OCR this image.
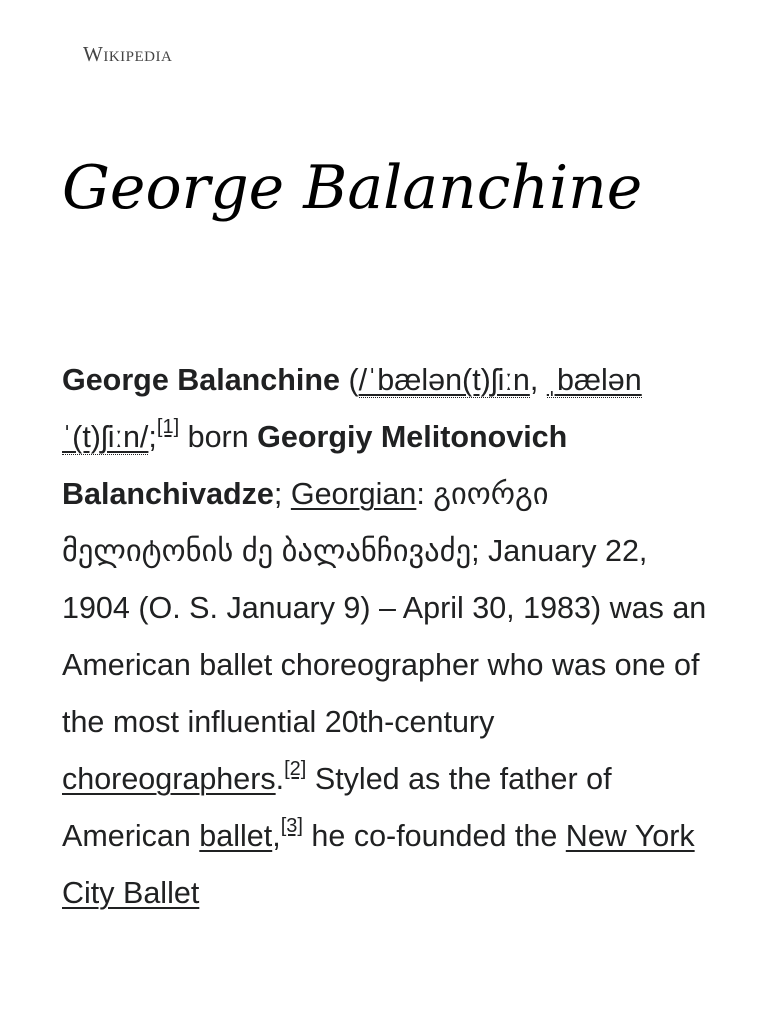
Wikipedia
George Balanchine

George Balanchine (/ˈbælən(t)ʃiːn, ˌbælənˈ(t)ʃiːn/;[1] born Georgiy Melitonovich Balanchivadze; Georgian: გიორგი მელიტონის ძე ბალანჩივაძე; January 22, 1904 (O. S. January 9) – April 30, 1983) was an American ballet choreographer who was one of the most influential 20th-century choreographers.[2] Styled as the father of American ballet,[3] he co-founded the New York City Ballet
